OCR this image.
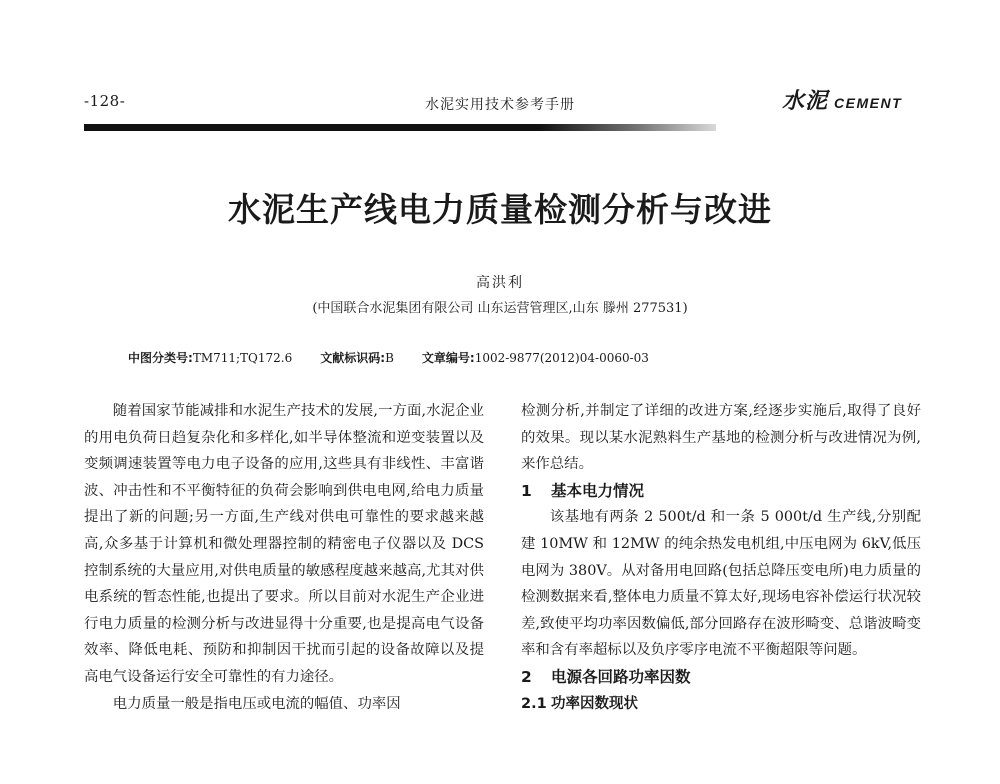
-128-	水泥实用技术参考手册	水泥 CEMENT
水泥生产线电力质量检测分析与改进
高洪利
(中国联合水泥集团有限公司 山东运营管理区,山东 滕州 277531)
中图分类号:TM711;TQ172.6 文献标识码:B 文章编号:1002-9877(2012)04-0060-03

随着国家节能减排和水泥生产技术的发展,一方面,水泥企业的用电负荷日趋复杂化和多样化,如半导体整流和逆变装置以及变频调速装置等电力电子设备的应用,这些具有非线性、丰富谐波、冲击性和不平衡特征的负荷会影响到供电电网,给电力质量提出了新的问题;另一方面,生产线对供电可靠性的要求越来越高,众多基于计算机和微处理器控制的精密电子仪器以及 DCS 控制系统的大量应用,对供电质量的敏感程度越来越高,尤其对供电系统的暂态性能,也提出了要求。所以目前对水泥生产企业进行电力质量的检测分析与改进显得十分重要,也是提高电气设备效率、降低电耗、预防和抑制因干扰而引起的设备故障以及提高电气设备运行安全可靠性的有力途径。

电力质量一般是指电压或电流的幅值、功率因

检测分析,并制定了详细的改进方案,经逐步实施后,取得了良好的效果。现以某水泥熟料生产基地的检测分析与改进情况为例,来作总结。

1 基本电力情况

该基地有两条 2 500t/d 和一条 5 000t/d 生产线,分别配建 10MW 和 12MW 的纯余热发电机组,中压电网为 6kV,低压电网为 380V。从对备用电回路(包括总降压变电所)电力质量的检测数据来看,整体电力质量不算太好,现场电容补偿运行状况较差,致使平均功率因数偏低,部分回路存在波形畸变、总谐波畸变率和含有率超标以及负序零序电流不平衡超限等问题。

2 电源各回路功率因数
2.1 功率因数现状
